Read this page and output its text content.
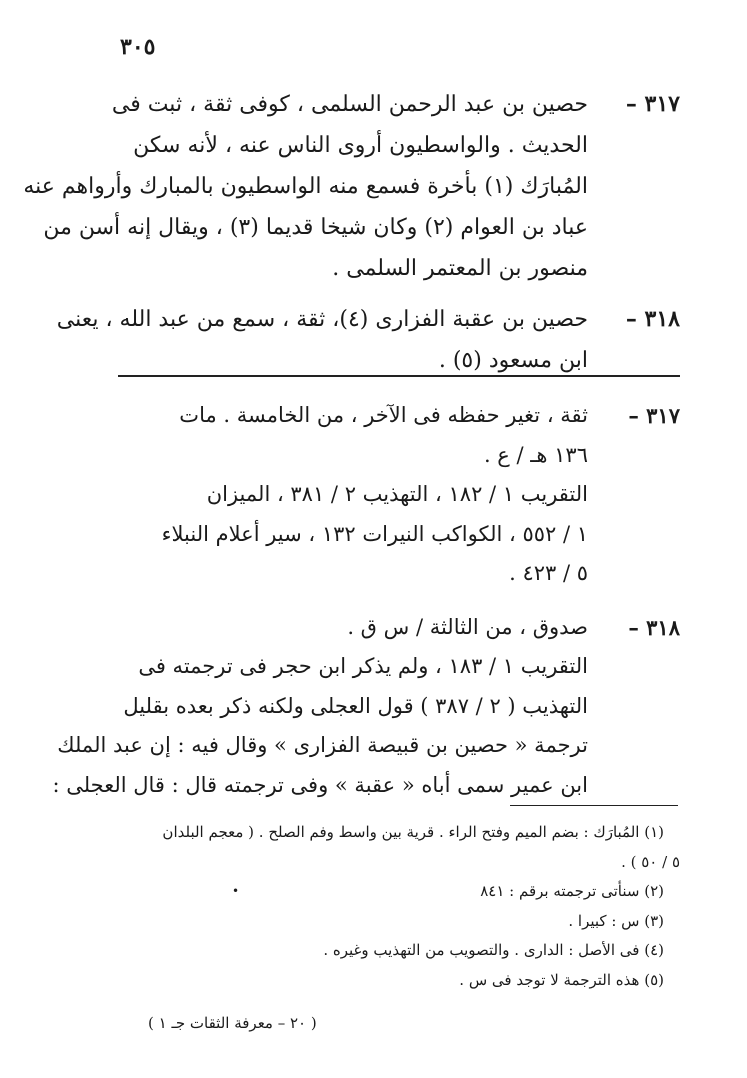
٣٠٥
٣١٧ –
حصين بن عبد الرحمن السلمى ، كوفى ثقة ، ثبت فى
الحديث . والواسطيون أروى الناس عنه ، لأنه سكن
المُبارَك (١) بأخرة فسمع منه الواسطيون بالمبارك وأرواهم عنه
عباد بن العوام (٢) وكان شيخا قديما (٣) ، ويقال إنه أسن من
منصور بن المعتمر السلمى .
٣١٨ –
حصين بن عقبة الفزارى (٤)، ثقة ، سمع من عبد الله ، يعنى
ابن مسعود (٥) .
٣١٧ –
ثقة ، تغير حفظه فى الآخر ، من الخامسة . مات
١٣٦ هـ / ع .
التقريب ١ / ١٨٢ ، التهذيب ٢ / ٣٨١ ، الميزان
١ / ٥٥٢ ، الكواكب النيرات ١٣٢ ، سير أعلام النبلاء
٥ / ٤٢٣ .
٣١٨ –
صدوق ، من الثالثة / س ق .
التقريب ١ / ١٨٣ ، ولم يذكر ابن حجر فى ترجمته فى
التهذيب ( ٢ / ٣٨٧ ) قول العجلى ولكنه ذكر بعده بقليل
ترجمة « حصين بن قبيصة الفزارى » وقال فيه : إن عبد الملك
ابن عمير سمى أباه « عقبة » وفى ترجمته قال : قال العجلى :
(١) المُبارَك : بضم الميم وفتح الراء . قرية بين واسط وفم الصلح . ( معجم البلدان
٥ / ٥٠ ) .
(٢) سنأتى ترجمته برقم : ٨٤١
(٣) س : كبيرا .
(٤) فى الأصل : الدارى . والتصويب من التهذيب وغيره .
(٥) هذه الترجمة لا توجد فى س .
•
( ٢٠ – معرفة الثقات جـ ١ )
